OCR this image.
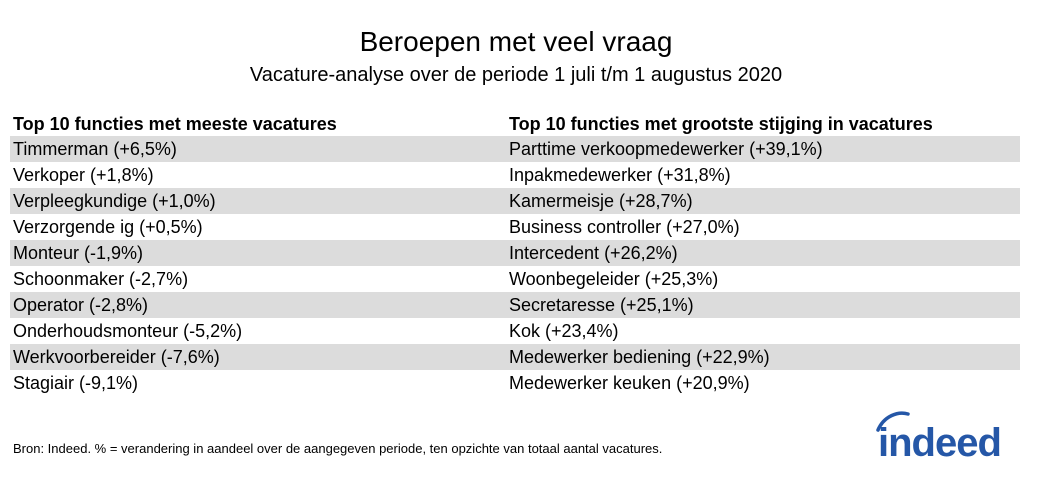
Beroepen met veel vraag
Vacature-analyse over de periode 1 juli t/m 1 augustus 2020
Top 10 functies met meeste vacatures
Timmerman (+6,5%)
Verkoper (+1,8%)
Verpleegkundige (+1,0%)
Verzorgende ig (+0,5%)
Monteur (-1,9%)
Schoonmaker (-2,7%)
Operator (-2,8%)
Onderhoudsmonteur (-5,2%)
Werkvoorbereider (-7,6%)
Stagiair (-9,1%)
Top 10 functies met grootste stijging in vacatures
Parttime verkoopmedewerker (+39,1%)
Inpakmedewerker (+31,8%)
Kamermeisje (+28,7%)
Business controller (+27,0%)
Intercedent (+26,2%)
Woonbegeleider (+25,3%)
Secretaresse (+25,1%)
Kok (+23,4%)
Medewerker bediening (+22,9%)
Medewerker keuken (+20,9%)
Bron: Indeed. % = verandering in aandeel over de aangegeven periode, ten opzichte van totaal aantal vacatures.	indeed
